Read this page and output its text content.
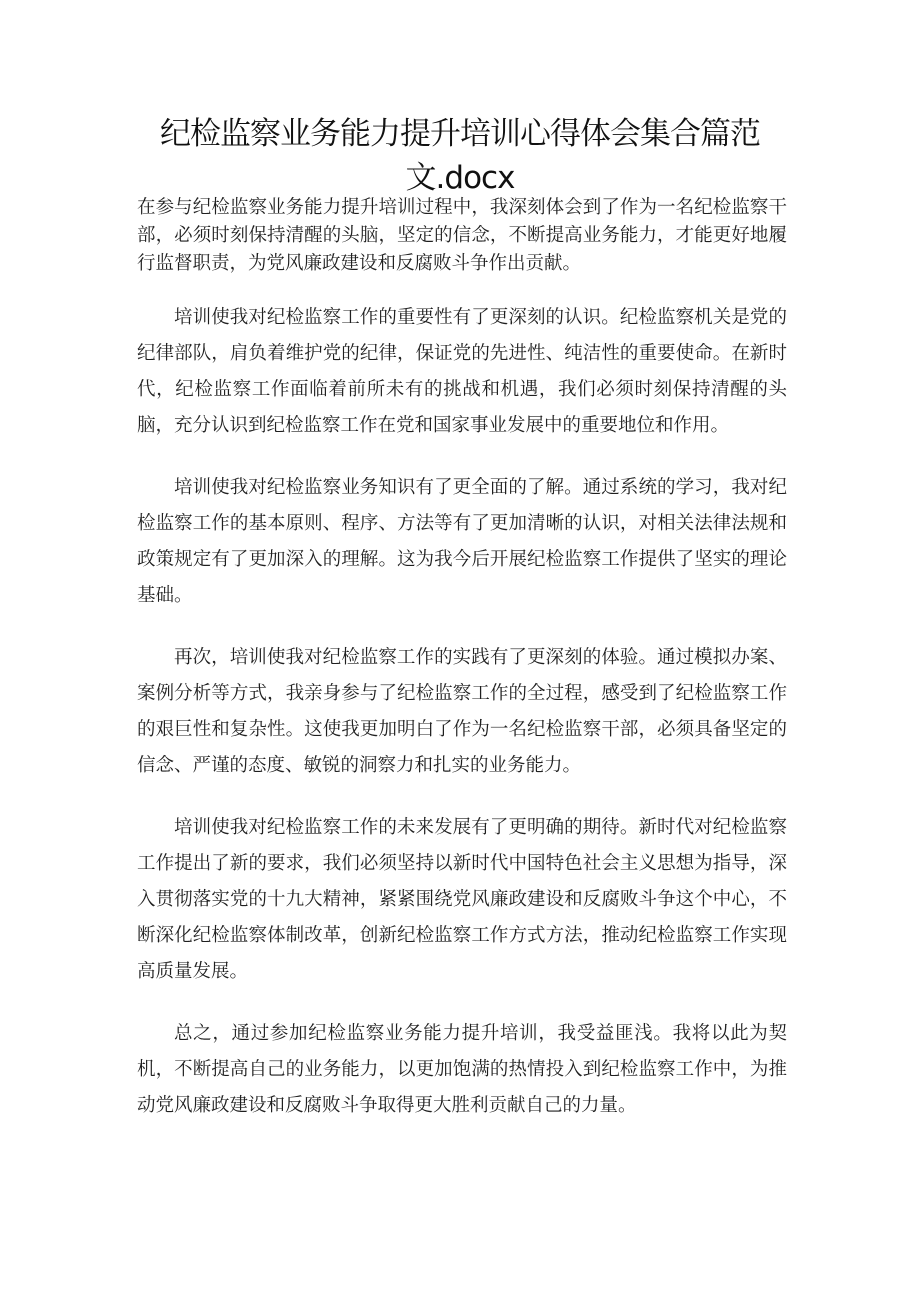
纪检监察业务能力提升培训心得体会集合篇范文.docx

在参与纪检监察业务能力提升培训过程中，我深刻体会到了作为一名纪检监察干部，必须时刻保持清醒的头脑，坚定的信念，不断提高业务能力，才能更好地履行监督职责，为党风廉政建设和反腐败斗争作出贡献。

培训使我对纪检监察工作的重要性有了更深刻的认识。纪检监察机关是党的纪律部队，肩负着维护党的纪律，保证党的先进性、纯洁性的重要使命。在新时代，纪检监察工作面临着前所未有的挑战和机遇，我们必须时刻保持清醒的头脑，充分认识到纪检监察工作在党和国家事业发展中的重要地位和作用。

培训使我对纪检监察业务知识有了更全面的了解。通过系统的学习，我对纪检监察工作的基本原则、程序、方法等有了更加清晰的认识，对相关法律法规和政策规定有了更加深入的理解。这为我今后开展纪检监察工作提供了坚实的理论基础。

再次，培训使我对纪检监察工作的实践有了更深刻的体验。通过模拟办案、案例分析等方式，我亲身参与了纪检监察工作的全过程，感受到了纪检监察工作的艰巨性和复杂性。这使我更加明白了作为一名纪检监察干部，必须具备坚定的信念、严谨的态度、敏锐的洞察力和扎实的业务能力。

培训使我对纪检监察工作的未来发展有了更明确的期待。新时代对纪检监察工作提出了新的要求，我们必须坚持以新时代中国特色社会主义思想为指导，深入贯彻落实党的十九大精神，紧紧围绕党风廉政建设和反腐败斗争这个中心，不断深化纪检监察体制改革，创新纪检监察工作方式方法，推动纪检监察工作实现高质量发展。

总之，通过参加纪检监察业务能力提升培训，我受益匪浅。我将以此为契机，不断提高自己的业务能力，以更加饱满的热情投入到纪检监察工作中，为推动党风廉政建设和反腐败斗争取得更大胜利贡献自己的力量。
